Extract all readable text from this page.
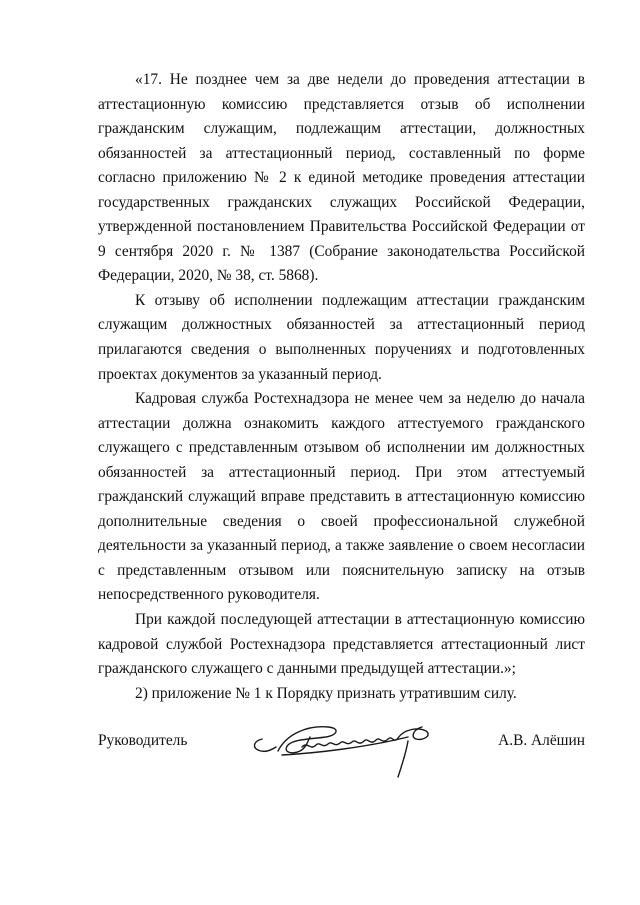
«17. Не позднее чем за две недели до проведения аттестации в аттестационную комиссию представляется отзыв об исполнении гражданским служащим, подлежащим аттестации, должностных обязанностей за аттестационный период, составленный по форме согласно приложению № 2 к единой методике проведения аттестации государственных гражданских служащих Российской Федерации, утвержденной постановлением Правительства Российской Федерации от 9 сентября 2020 г. № 1387 (Собрание законодательства Российской Федерации, 2020, № 38, ст. 5868).

К отзыву об исполнении подлежащим аттестации гражданским служащим должностных обязанностей за аттестационный период прилагаются сведения о выполненных поручениях и подготовленных проектах документов за указанный период.

Кадровая служба Ростехнадзора не менее чем за неделю до начала аттестации должна ознакомить каждого аттестуемого гражданского служащего с представленным отзывом об исполнении им должностных обязанностей за аттестационный период. При этом аттестуемый гражданский служащий вправе представить в аттестационную комиссию дополнительные сведения о своей профессиональной служебной деятельности за указанный период, а также заявление о своем несогласии с представленным отзывом или пояснительную записку на отзыв непосредственного руководителя.

При каждой последующей аттестации в аттестационную комиссию кадровой службой Ростехнадзора представляется аттестационный лист гражданского служащего с данными предыдущей аттестации.»;

2) приложение № 1 к Порядку признать утратившим силу.

Руководитель	А.В. Алёшин
